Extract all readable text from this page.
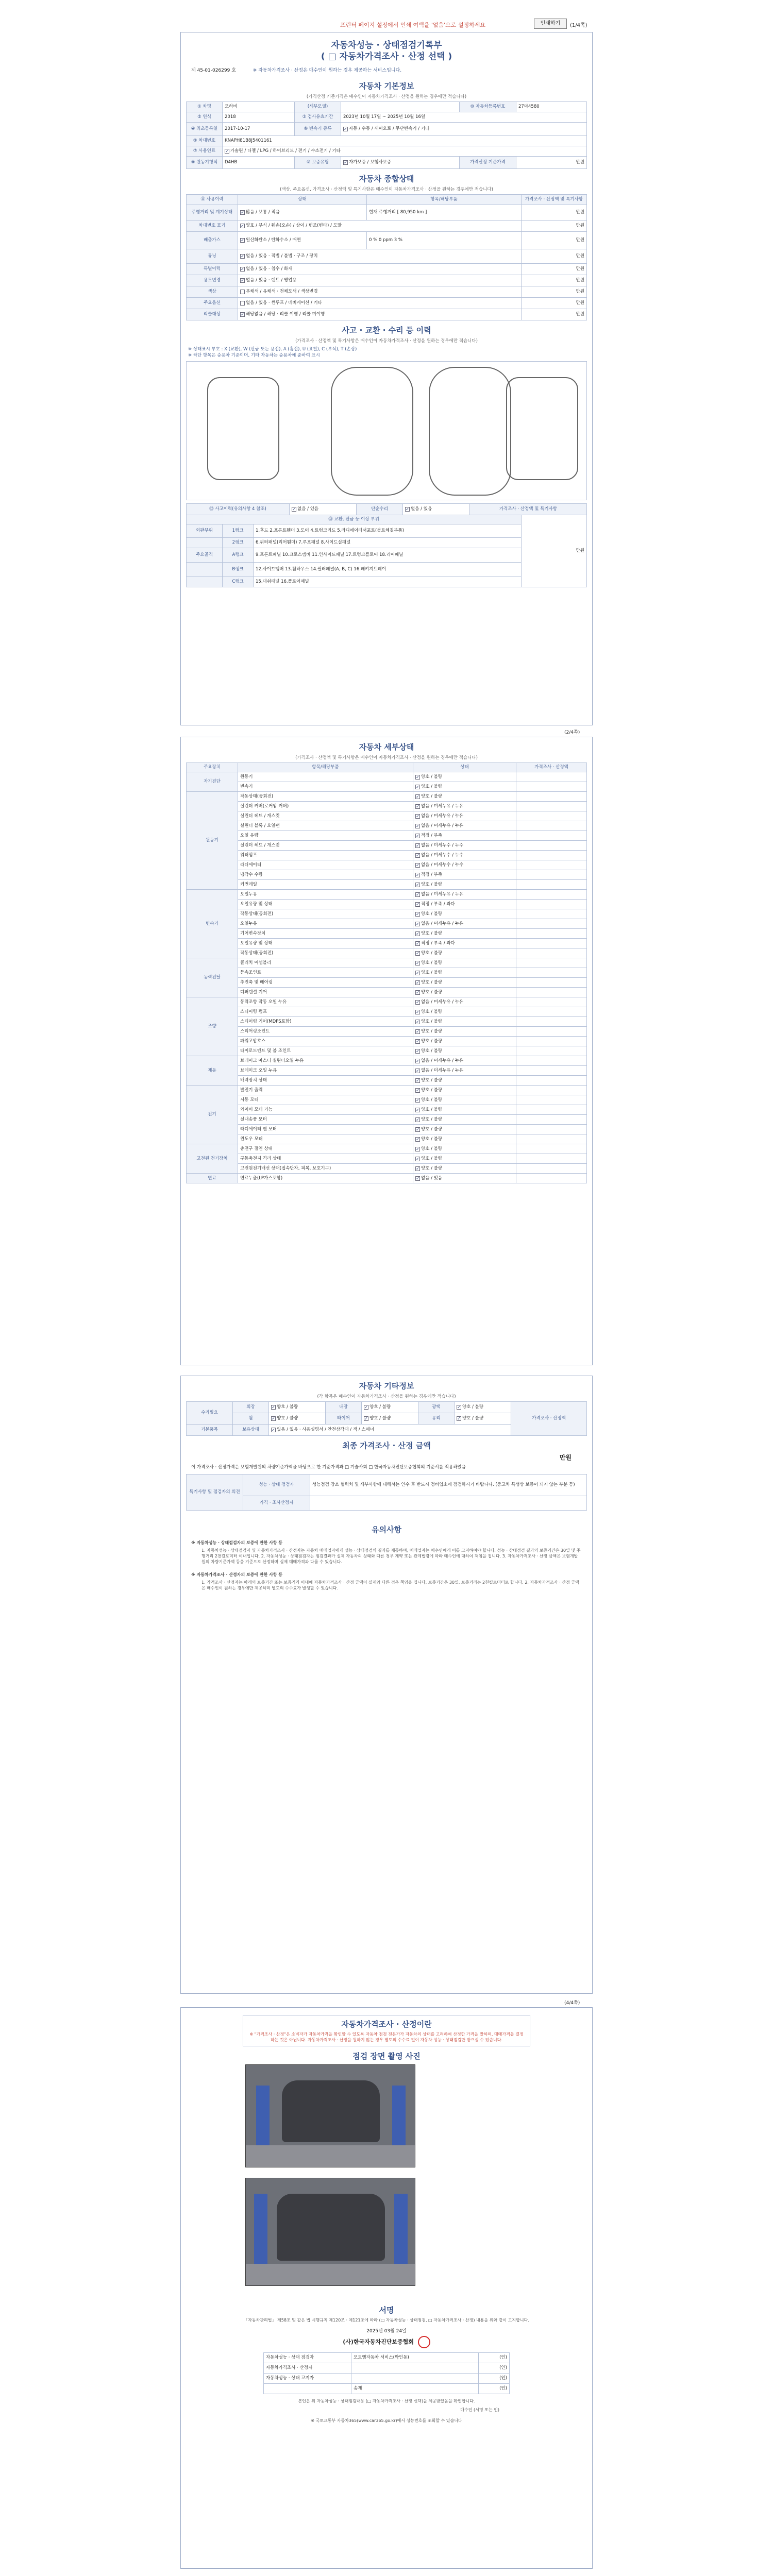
프린터 페이지 설정에서 인쇄 여백을 '없음'으로 설정하세요	인쇄하기	(1/4쪽)
자동차성능 · 상태점검기록부
( □ 자동차가격조사 · 산정 선택 )
제 45-01-026299 호	※ 자동차가격조사 · 산정은 매수인이 원하는 경우 제공하는 서비스입니다.
자동차 기본정보
(가격산정 기준가격은 매수인이 자동차가격조사 · 산정을 원하는 경우에만 적습니다)
① 차명	모하비	(세부모델)		⑩ 자동차등록번호	27마4580
② 연식	2018	③ 검사유효기간	2023년 10월 17일 ~ 2025년 10월 16일		
④ 최초등록일	2017-10-17	⑥ 변속기 종류	✓ 자동 / 수동 / 세미오토 / 무단변속기 / 기타		
⑤ 차대번호	KNAPH81B8J5401161				
⑦ 사용연료	✓ 가솔린 / 디젤 / LPG / 하이브리드 / 전기 / 수소전기 / 기타				
⑧ 원동기형식	D4HB	⑨ 보증유형	✓ 자가보증 / 보험사보증	가격산정 기준가격	만원
자동차 종합상태
(색상, 주요옵션, 가격조사 · 산정액 및 특기사항은 매수인이 자동차가격조사 · 산정을 원하는 경우에만 적습니다)
⑪ 사용이력	상태	항목/해당부품	가격조사 · 산정액 및 특기사항
주행거리 및 계기상태	✓ 많음 / 보통 / 적음	현재 주행거리 [ 80,950 km ]	만원
차대번호 표기	✓ 양호 / 부식 / 훼손(오손) / 상이 / 변조(변타) / 도말		만원
배출가스	✓ 일산화탄소 / 탄화수소 / 매연	0 % 0 ppm 3 %	만원
튜닝	✓ 없음 / 있음 · 적법 / 불법 · 구조 / 장치		만원
특별이력	✓ 없음 / 있음 · 침수 / 화재		만원
용도변경	✓ 없음 / 있음 · 렌트 / 영업용		만원
색상	무채색 / 유채색 · 전체도색 / 색상변경		만원
주요옵션	없음 / 있음 · 썬루프 / 네비게이션 / 기타		만원
리콜대상	✓ 해당없음 / 해당 · 리콜 이행 / 리콜 미이행		만원
사고 · 교환 · 수리 등 이력
(가격조사 · 산정액 및 특기사항은 매수인이 자동차가격조사 · 산정을 원하는 경우에만 적습니다)
※ 상태표시 부호 : X (교환), W (판금 또는 용접), A (흠집), U (요철), C (부식), T (손상)
※ 하단 항목은 승용차 기준이며, 기타 자동차는 승용차에 준하여 표시
⑫ 사고이력(유의사항 4 참조)	✓ 없음 / 있음	단순수리	✓ 없음 / 있음	가격조사 · 산정액 및 특기사항
⑬ 교환, 판금 등 이상 부위			만원
외판부위	1랭크	1.후드 2.프론트휀더 3.도어 4.트렁크리드 5.라디에이터서포트(볼트체결부품)	
	2랭크	6.쿼터패널(리어휀더) 7.루프패널 8.사이드실패널	
주요골격	A랭크	9.프론트패널 10.크로스멤버 11.인사이드패널 17.트렁크플로어 18.리어패널	
	B랭크	12.사이드멤버 13.휠하우스 14.필러패널(A, B, C) 16.패키지트레이	
	C랭크	15.대쉬패널 16.플로어패널	
(2/4쪽)
자동차 세부상태
(가격조사 · 산정액 및 특기사항은 매수인이 자동차가격조사 · 산정을 원하는 경우에만 적습니다)
주요장치	항목/해당부품	상태	가격조사 · 산정액
자기진단	원동기	✓ 양호 / 불량	
	변속기	✓ 양호 / 불량	
원동기	작동상태(공회전)	✓ 양호 / 불량	
	실린더 커버(로커암 커버)	✓ 없음 / 미세누유 / 누유	
	실린더 헤드 / 개스킷	✓ 없음 / 미세누유 / 누유	
	실린더 블록 / 오일팬	✓ 없음 / 미세누유 / 누유	
	오일 유량	✓ 적정 / 부족	
	실린더 헤드 / 개스킷	✓ 없음 / 미세누수 / 누수	
	워터펌프	✓ 없음 / 미세누수 / 누수	
	라디에이터	✓ 없음 / 미세누수 / 누수	
	냉각수 수량	✓ 적정 / 부족	
	커먼레일	✓ 양호 / 불량	
변속기	오일누유	✓ 없음 / 미세누유 / 누유	
	오일유량 및 상태	✓ 적정 / 부족 / 과다	
	작동상태(공회전)	✓ 양호 / 불량	
	오일누유	✓ 없음 / 미세누유 / 누유	
	기어변속장치	✓ 양호 / 불량	
	오일유량 및 상태	✓ 적정 / 부족 / 과다	
	작동상태(공회전)	✓ 양호 / 불량	
동력전달	클러치 어셈블리	✓ 양호 / 불량	
	등속조인트	✓ 양호 / 불량	
	추진축 및 베어링	✓ 양호 / 불량	
	디퍼렌셜 기어	✓ 양호 / 불량	
조향	동력조향 작동 오일 누유	✓ 없음 / 미세누유 / 누유	
	스티어링 펌프	✓ 양호 / 불량	
	스티어링 기어(MDPS포함)	✓ 양호 / 불량	
	스티어링조인트	✓ 양호 / 불량	
	파워고압호스	✓ 양호 / 불량	
	타이로드엔드 및 볼 조인트	✓ 양호 / 불량	
제동	브레이크 마스터 실린더오일 누유	✓ 없음 / 미세누유 / 누유	
	브레이크 오일 누유	✓ 없음 / 미세누유 / 누유	
	배력장치 상태	✓ 양호 / 불량	
전기	발전기 출력	✓ 양호 / 불량	
	시동 모터	✓ 양호 / 불량	
	와이퍼 모터 기능	✓ 양호 / 불량	
	실내송풍 모터	✓ 양호 / 불량	
	라디에이터 팬 모터	✓ 양호 / 불량	
	윈도우 모터	✓ 양호 / 불량	
고전원 전기장치	충전구 절연 상태	✓ 양호 / 불량	
	구동축전지 격리 상태	✓ 양호 / 불량	
	고전원전기배선 상태(접속단자, 피복, 보호기구)	✓ 양호 / 불량	
연료	연료누출(LP가스포함)	✓ 없음 / 있음	
자동차 기타정보
(각 항목은 매수인이 자동차가격조사 · 산정을 원하는 경우에만 적습니다)
수리필요	외장	✓ 양호 / 불량	내장	✓ 양호 / 불량	광택	✓ 양호 / 불량	가격조사 · 산정액
	휠	✓ 양호 / 불량	타이어	✓ 양호 / 불량	유리	✓ 양호 / 불량	
기본품목	보유상태	✓ 있음 / 없음 · 사용설명서 / 안전삼각대 / 잭 / 스패너					
최종 가격조사 · 산정 금액
만원
이 가격조사 · 산정가격은 보험개발원의 차량기준가액을 바탕으로 한 기준가격과 □ 기술사회 □ 한국자동차진단보증협회의 기준서를 적용하였음
특기사항 및 점검자의 의견	성능 · 상태 점검자	성능점검 장소 협력처 및 세부사항에 대해서는 인수 후 반드시 정비업소에 점검하시기 바랍니다. (중고차 특성상 보증이 되지 않는 부분 등)
	가격 · 조사산정자	
유의사항
※ 자동차성능 · 상태점검자의 보증에 관한 사항 등
1. 자동차성능 · 상태점검자 및 자동차가격조사 · 산정자는 자동차 매매업자에게 성능 · 상태점검의 결과를 제공하며, 매매업자는 매수인에게 이를 고지하여야 합니다. 성능 · 상태점검 결과의 보증기간은 30일 및 주행거리 2천킬로미터 이내입니다. 2. 자동차성능 · 상태점검자는 점검결과가 실제 자동차의 상태와 다른 경우 계약 또는 관계법령에 따라 매수인에 대하여 책임을 집니다. 3. 자동차가격조사 · 산정 금액은 보험개발원의 차량기준가액 등을 기준으로 산정하며 실제 매매가격과 다를 수 있습니다.
※ 자동차가격조사 · 산정자의 보증에 관한 사항 등
1. 가격조사 · 산정자는 아래의 보증기간 또는 보증거리 이내에 자동차가격조사 · 산정 금액이 실제와 다른 경우 책임을 집니다. 보증기간은 30일, 보증거리는 2천킬로미터로 합니다. 2. 자동차가격조사 · 산정 금액은 매수인이 원하는 경우에만 제공하며 별도의 수수료가 발생할 수 있습니다.
(4/4쪽)
자동차가격조사 · 산정이란
※ "가격조사 · 산정"은 소비자가 자동차가격을 확인할 수 있도록 자동차 점검 전문가가 자동차의 상태를 고려하여 산정한 가격을 말하며, 매매가격을 결정하는 것은 아닙니다. 자동차가격조사 · 산정을 원하지 않는 경우 별도의 수수료 없이 자동차 성능 · 상태점검만 받으실 수 있습니다.
점검 장면 촬영 사진
서명
「자동차관리법」 제58조 및 같은 법 시행규칙 제120조 · 제121조에 따라 (□ 자동차성능 · 상태점검, □ 자동차가격조사 · 산정) 내용을 위와 같이 고지합니다.
2025년 03월 24일
(사)한국자동차진단보증협회
자동차성능 · 상태 점검자	모토엠자동차 서비스(박인동)	(인)
자동차가격조사 · 산정자		(인)
자동차성능 · 상태 고지자		(인)
	송재	(인)
본인은 위 자동차성능 · 상태점검내용 (□ 자동차가격조사 · 산정 선택)을 제공받았음을 확인합니다.
매수인 (서명 또는 인)
※ 국토교통부 자동차365(www.car365.go.kr)에서 성능번호를 조회할 수 있습니다
